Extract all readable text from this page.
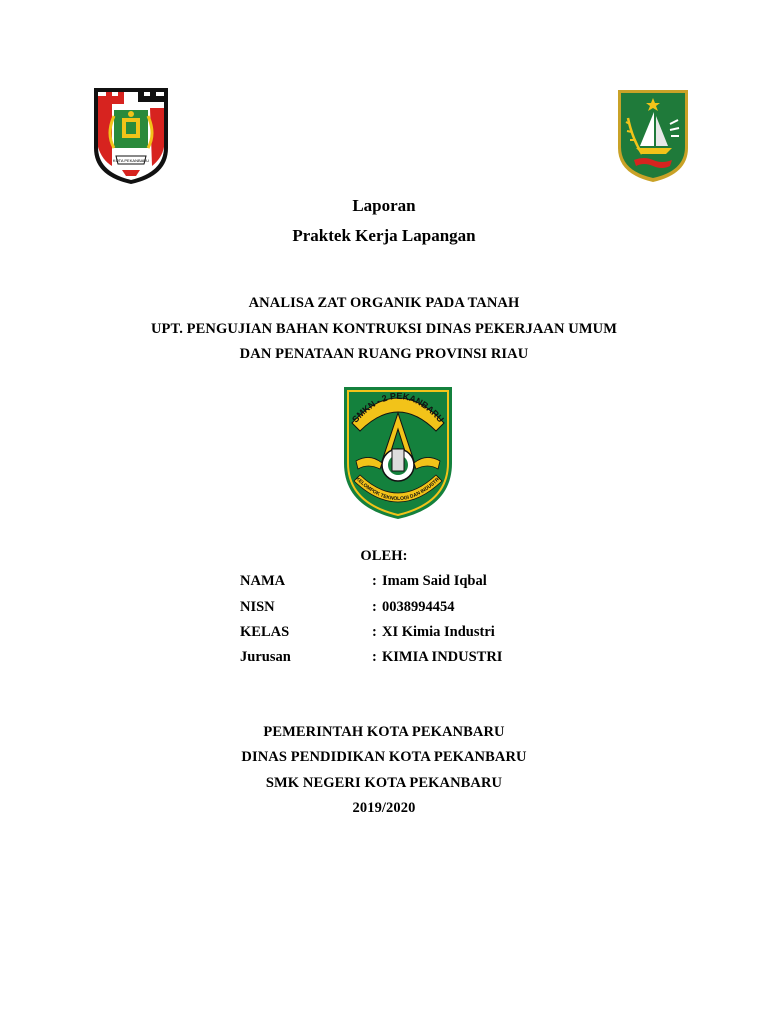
KOTA PEKANBARU
Laporan
Praktek Kerja Lapangan
ANALISA ZAT ORGANIK PADA TANAH
UPT. PENGUJIAN BAHAN KONTRUKSI DINAS PEKERJAAN UMUM
DAN PENATAAN RUANG PROVINSI RIAU
SMKN - 2 PEKANBARU
KELOMPOK TEKNOLOGI DAN INDUSTRI
OLEH:
NAMA	: Imam Said Iqbal
NISN	: 0038994454
KELAS	: XI Kimia Industri
Jurusan	: KIMIA INDUSTRI
PEMERINTAH KOTA PEKANBARU
DINAS PENDIDIKAN KOTA PEKANBARU
SMK NEGERI KOTA PEKANBARU
2019/2020
